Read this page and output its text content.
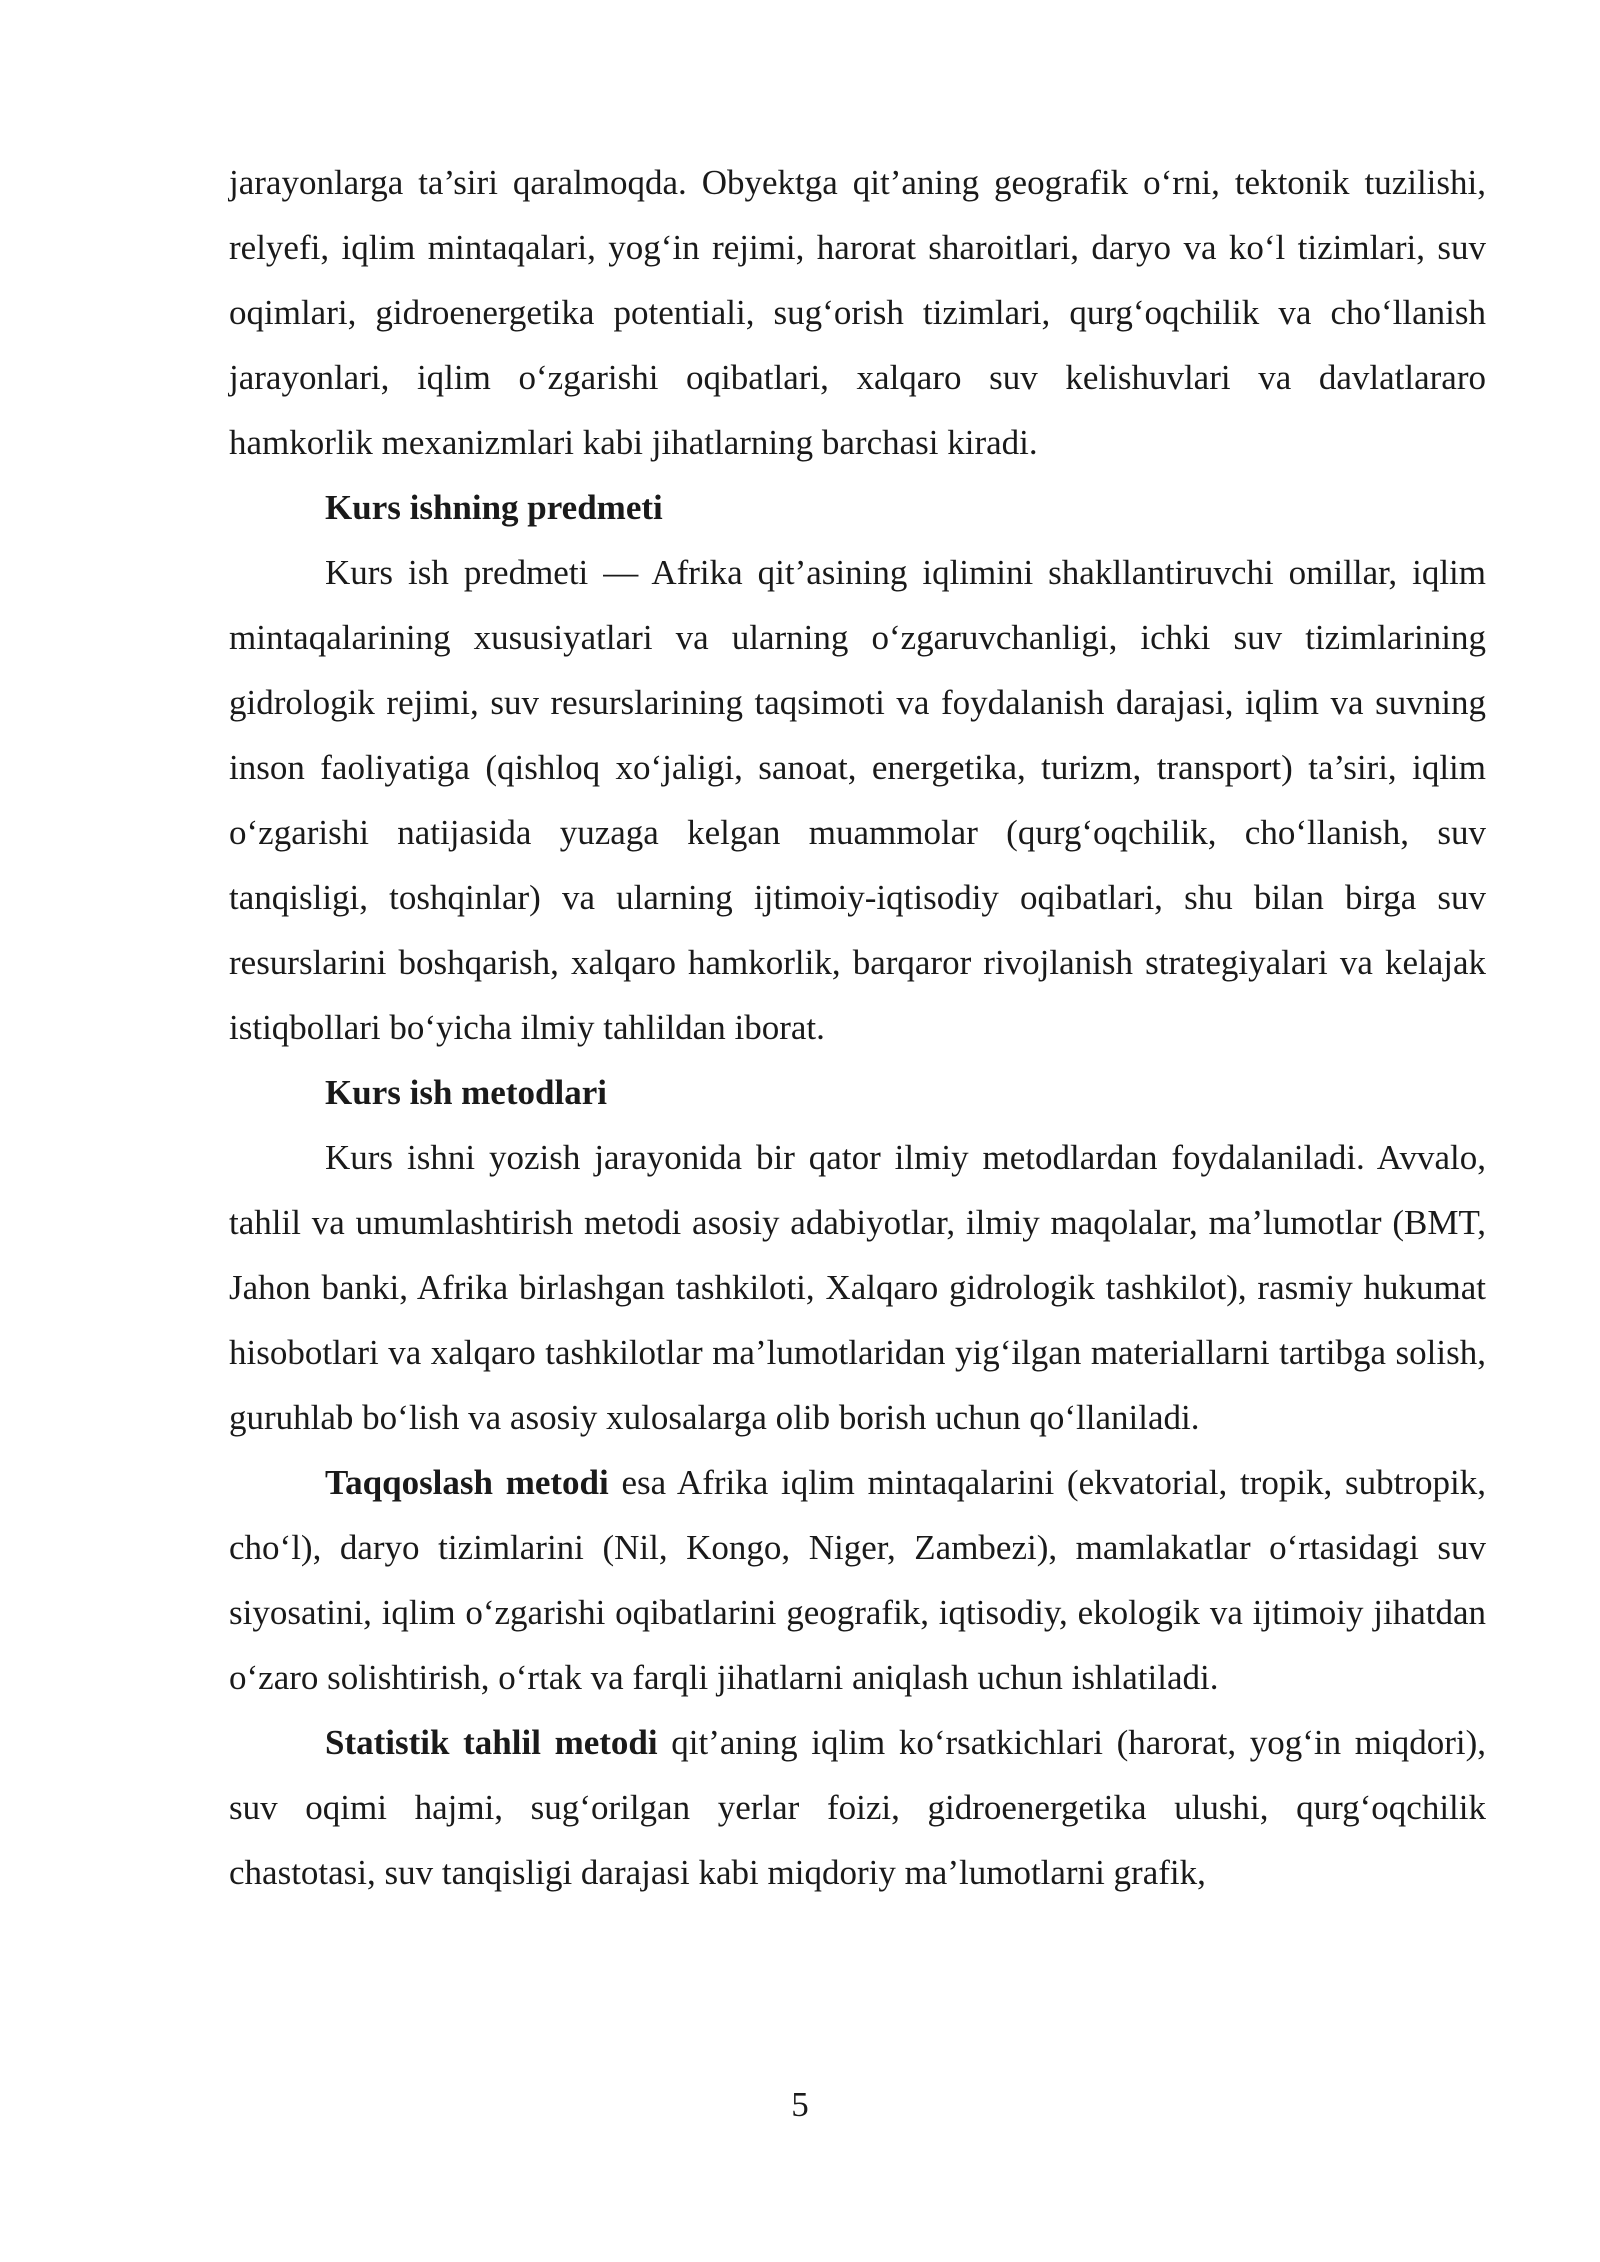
jarayonlarga ta’siri qaralmoqda. Obyektga qit’aning geografik o‘rni, tektonik tuzilishi, relyefi, iqlim mintaqalari, yog‘in rejimi, harorat sharoitlari, daryo va ko‘l tizimlari, suv oqimlari, gidroenergetika potentiali, sug‘orish tizimlari, qurg‘oqchilik va cho‘llanish jarayonlari, iqlim o‘zgarishi oqibatlari, xalqaro suv kelishuvlari va davlatlararo hamkorlik mexanizmlari kabi jihatlarning barchasi kiradi.

Kurs ishning predmeti

Kurs ish predmeti — Afrika qit’asining iqlimini shakllantiruvchi omillar, iqlim mintaqalarining xususiyatlari va ularning o‘zgaruvchanligi, ichki suv tizimlarining gidrologik rejimi, suv resurslarining taqsimoti va foydalanish darajasi, iqlim va suvning inson faoliyatiga (qishloq xo‘jaligi, sanoat, energetika, turizm, transport) ta’siri, iqlim o‘zgarishi natijasida yuzaga kelgan muammolar (qurg‘oqchilik, cho‘llanish, suv tanqisligi, toshqinlar) va ularning ijtimoiy-iqtisodiy oqibatlari, shu bilan birga suv resurslarini boshqarish, xalqaro hamkorlik, barqaror rivojlanish strategiyalari va kelajak istiqbollari bo‘yicha ilmiy tahlildan iborat.

Kurs ish metodlari

Kurs ishni yozish jarayonida bir qator ilmiy metodlardan foydalaniladi. Avvalo, tahlil va umumlashtirish metodi asosiy adabiyotlar, ilmiy maqolalar, ma’lumotlar (BMT, Jahon banki, Afrika birlashgan tashkiloti, Xalqaro gidrologik tashkilot), rasmiy hukumat hisobotlari va xalqaro tashkilotlar ma’lumotlaridan yig‘ilgan materiallarni tartibga solish, guruhlab bo‘lish va asosiy xulosalarga olib borish uchun qo‘llaniladi.

Taqqoslash metodi esa Afrika iqlim mintaqalarini (ekvatorial, tropik, subtropik, cho‘l), daryo tizimlarini (Nil, Kongo, Niger, Zambezi), mamlakatlar o‘rtasidagi suv siyosatini, iqlim o‘zgarishi oqibatlarini geografik, iqtisodiy, ekologik va ijtimoiy jihatdan o‘zaro solishtirish, o‘rtak va farqli jihatlarni aniqlash uchun ishlatiladi.

Statistik tahlil metodi qit’aning iqlim ko‘rsatkichlari (harorat, yog‘in miqdori), suv oqimi hajmi, sug‘orilgan yerlar foizi, gidroenergetika ulushi, qurg‘oqchilik chastotasi, suv tanqisligi darajasi kabi miqdoriy ma’lumotlarni grafik,

5
